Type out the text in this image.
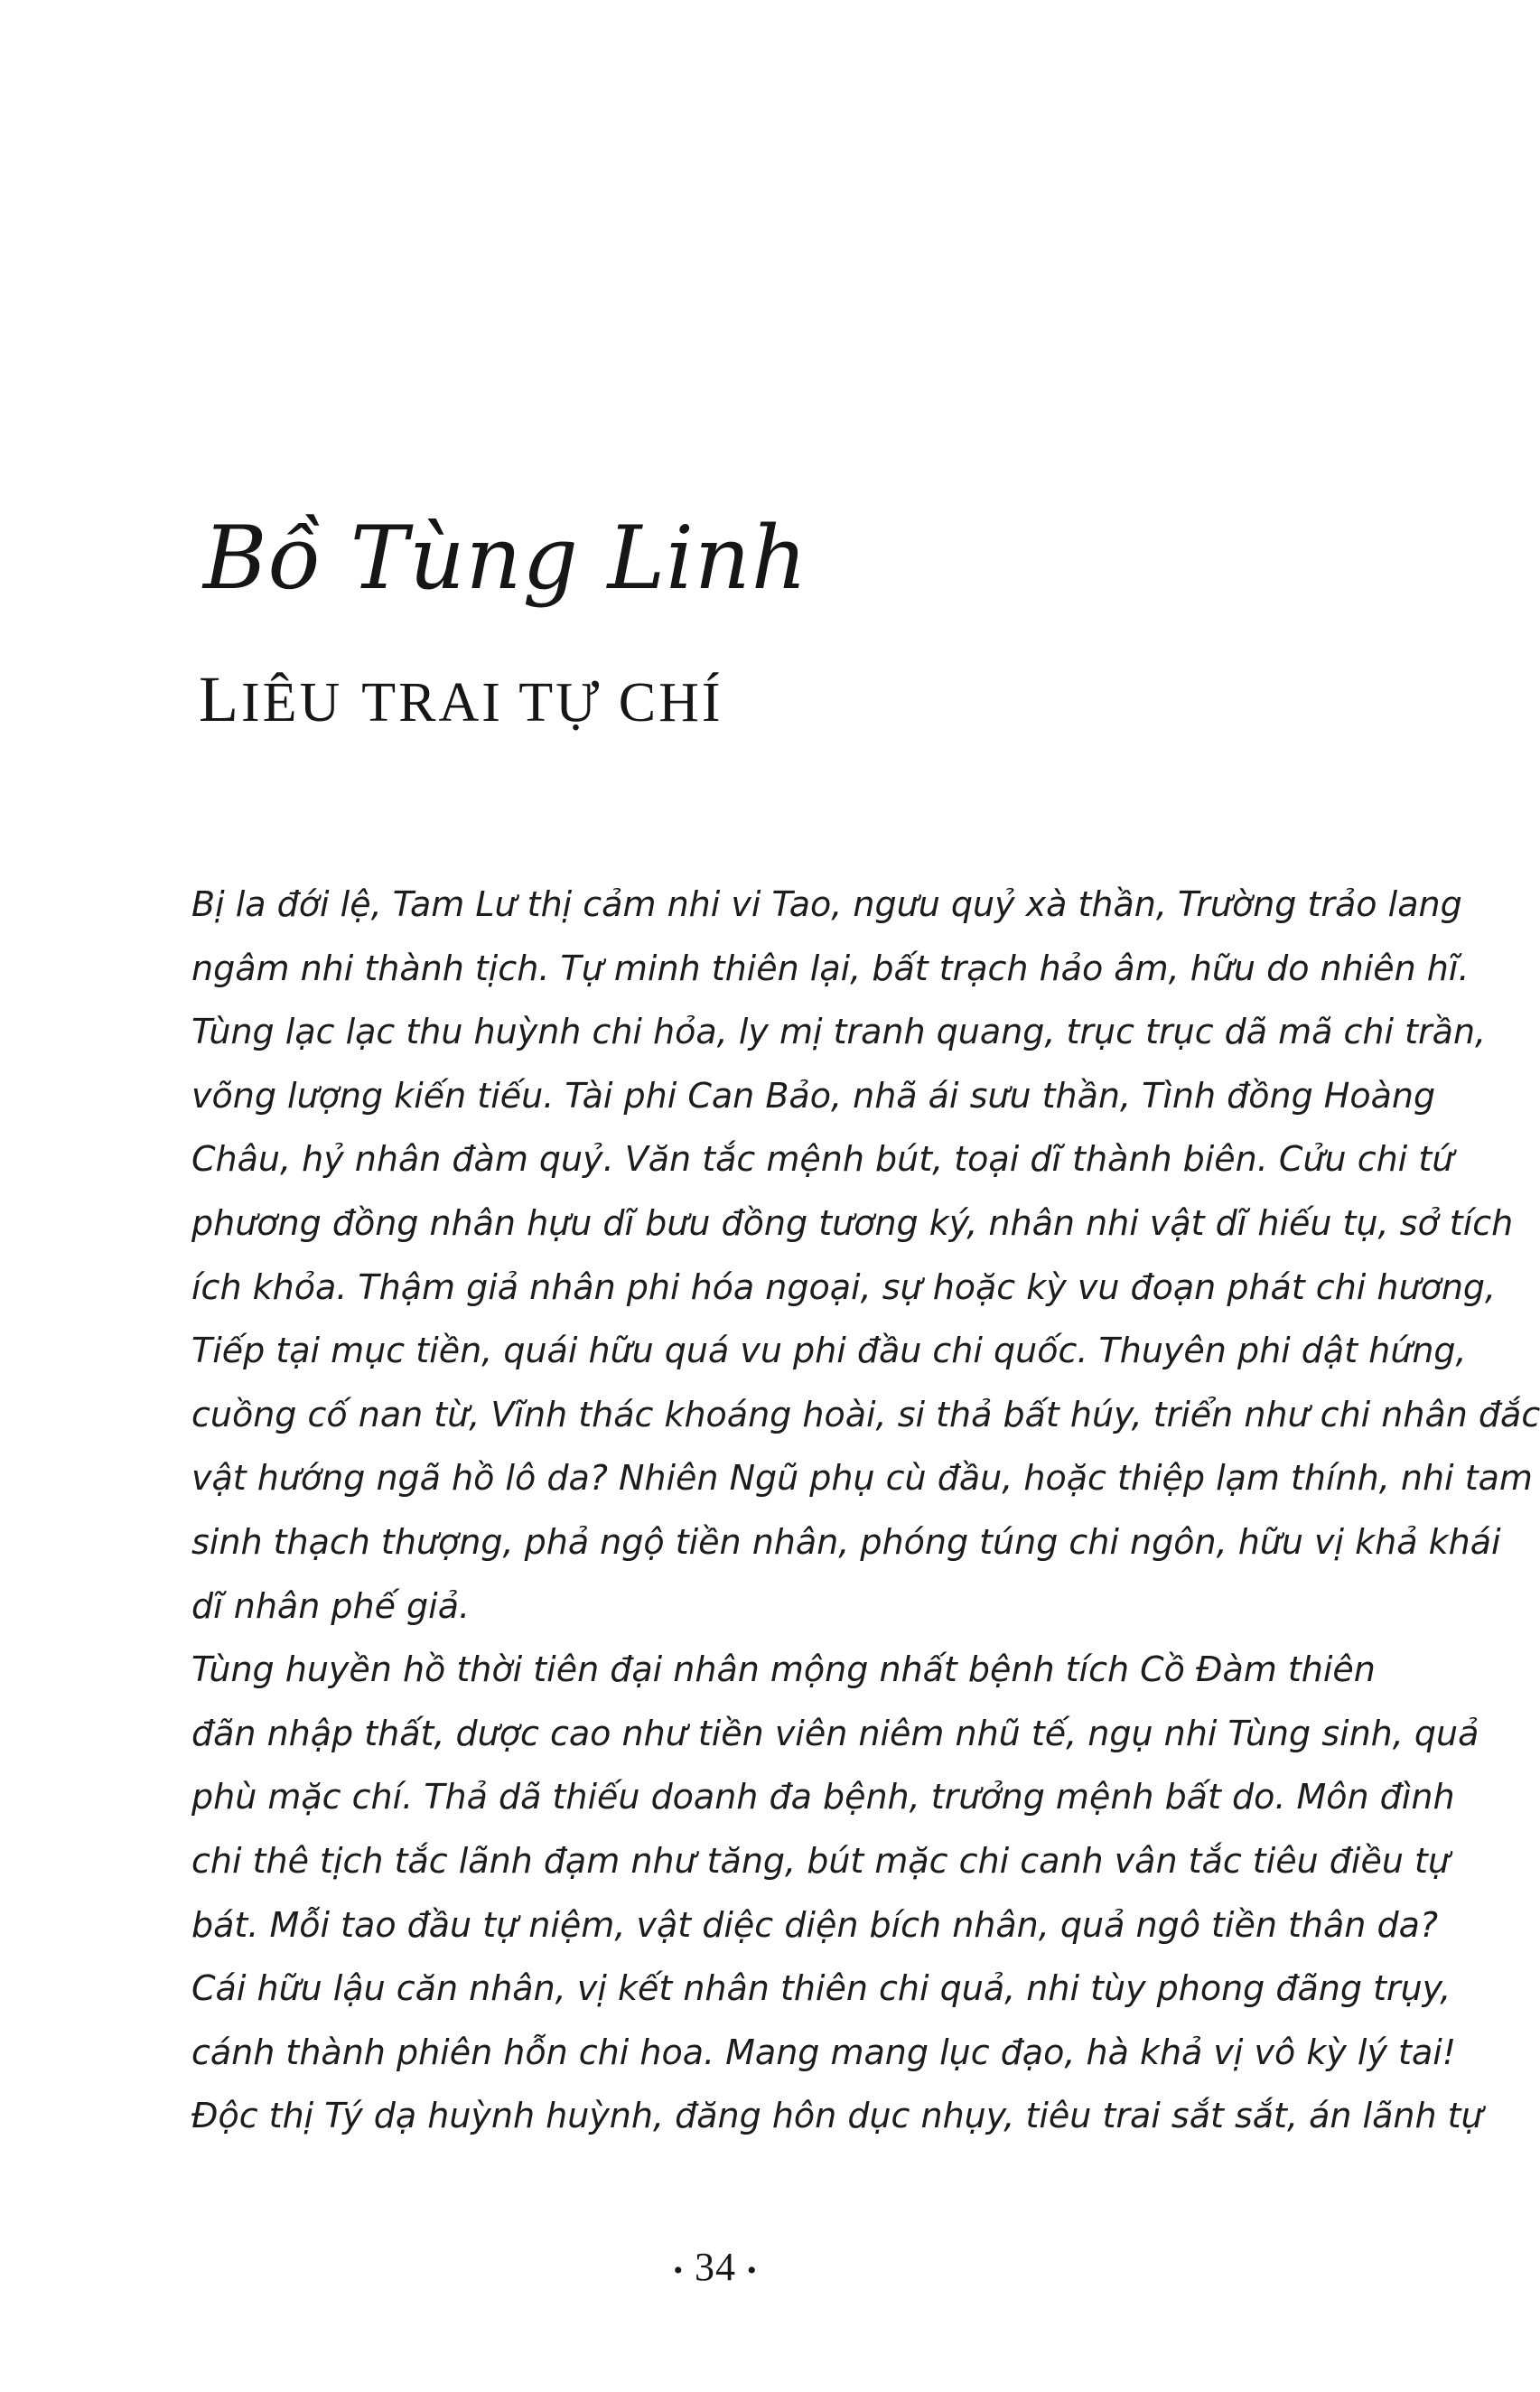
Bồ Tùng Linh
LIÊU TRAI TỰ CHÍ

Bị la đới lệ, Tam Lư thị cảm nhi vi Tao, ngưu quỷ xà thần, Trường trảo lang
ngâm nhi thành tịch. Tự minh thiên lại, bất trạch hảo âm, hữu do nhiên hĩ.
Tùng lạc lạc thu huỳnh chi hỏa, ly mị tranh quang, trục trục dã mã chi trần,
võng lượng kiến tiếu. Tài phi Can Bảo, nhã ái sưu thần, Tình đồng Hoàng
Châu, hỷ nhân đàm quỷ. Văn tắc mệnh bút, toại dĩ thành biên. Cửu chi tứ
phương đồng nhân hựu dĩ bưu đồng tương ký, nhân nhi vật dĩ hiếu tụ, sở tích
ích khỏa. Thậm giả nhân phi hóa ngoại, sự hoặc kỳ vu đoạn phát chi hương,
Tiếp tại mục tiền, quái hữu quá vu phi đầu chi quốc. Thuyên phi dật hứng,
cuồng cố nan từ, Vĩnh thác khoáng hoài, si thả bất húy, triển như chi nhân đắc
vật hướng ngã hồ lô da? Nhiên Ngũ phụ cù đầu, hoặc thiệp lạm thính, nhi tam
sinh thạch thượng, phả ngộ tiền nhân, phóng túng chi ngôn, hữu vị khả khái
dĩ nhân phế giả.

Tùng huyền hồ thời tiên đại nhân mộng nhất bệnh tích Cồ Đàm thiên
đãn nhập thất, dược cao như tiền viên niêm nhũ tế, ngụ nhi Tùng sinh, quả
phù mặc chí. Thả dã thiếu doanh đa bệnh, trưởng mệnh bất do. Môn đình
chi thê tịch tắc lãnh đạm như tăng, bút mặc chi canh vân tắc tiêu điều tự
bát. Mỗi tao đầu tự niệm, vật diệc diện bích nhân, quả ngô tiền thân da?
Cái hữu lậu căn nhân, vị kết nhân thiên chi quả, nhi tùy phong đãng trụy,
cánh thành phiên hỗn chi hoa. Mang mang lục đạo, hà khả vị vô kỳ lý tai!
Độc thị Tý dạ huỳnh huỳnh, đăng hôn dục nhụy, tiêu trai sắt sắt, án lãnh tự

• 34 •
